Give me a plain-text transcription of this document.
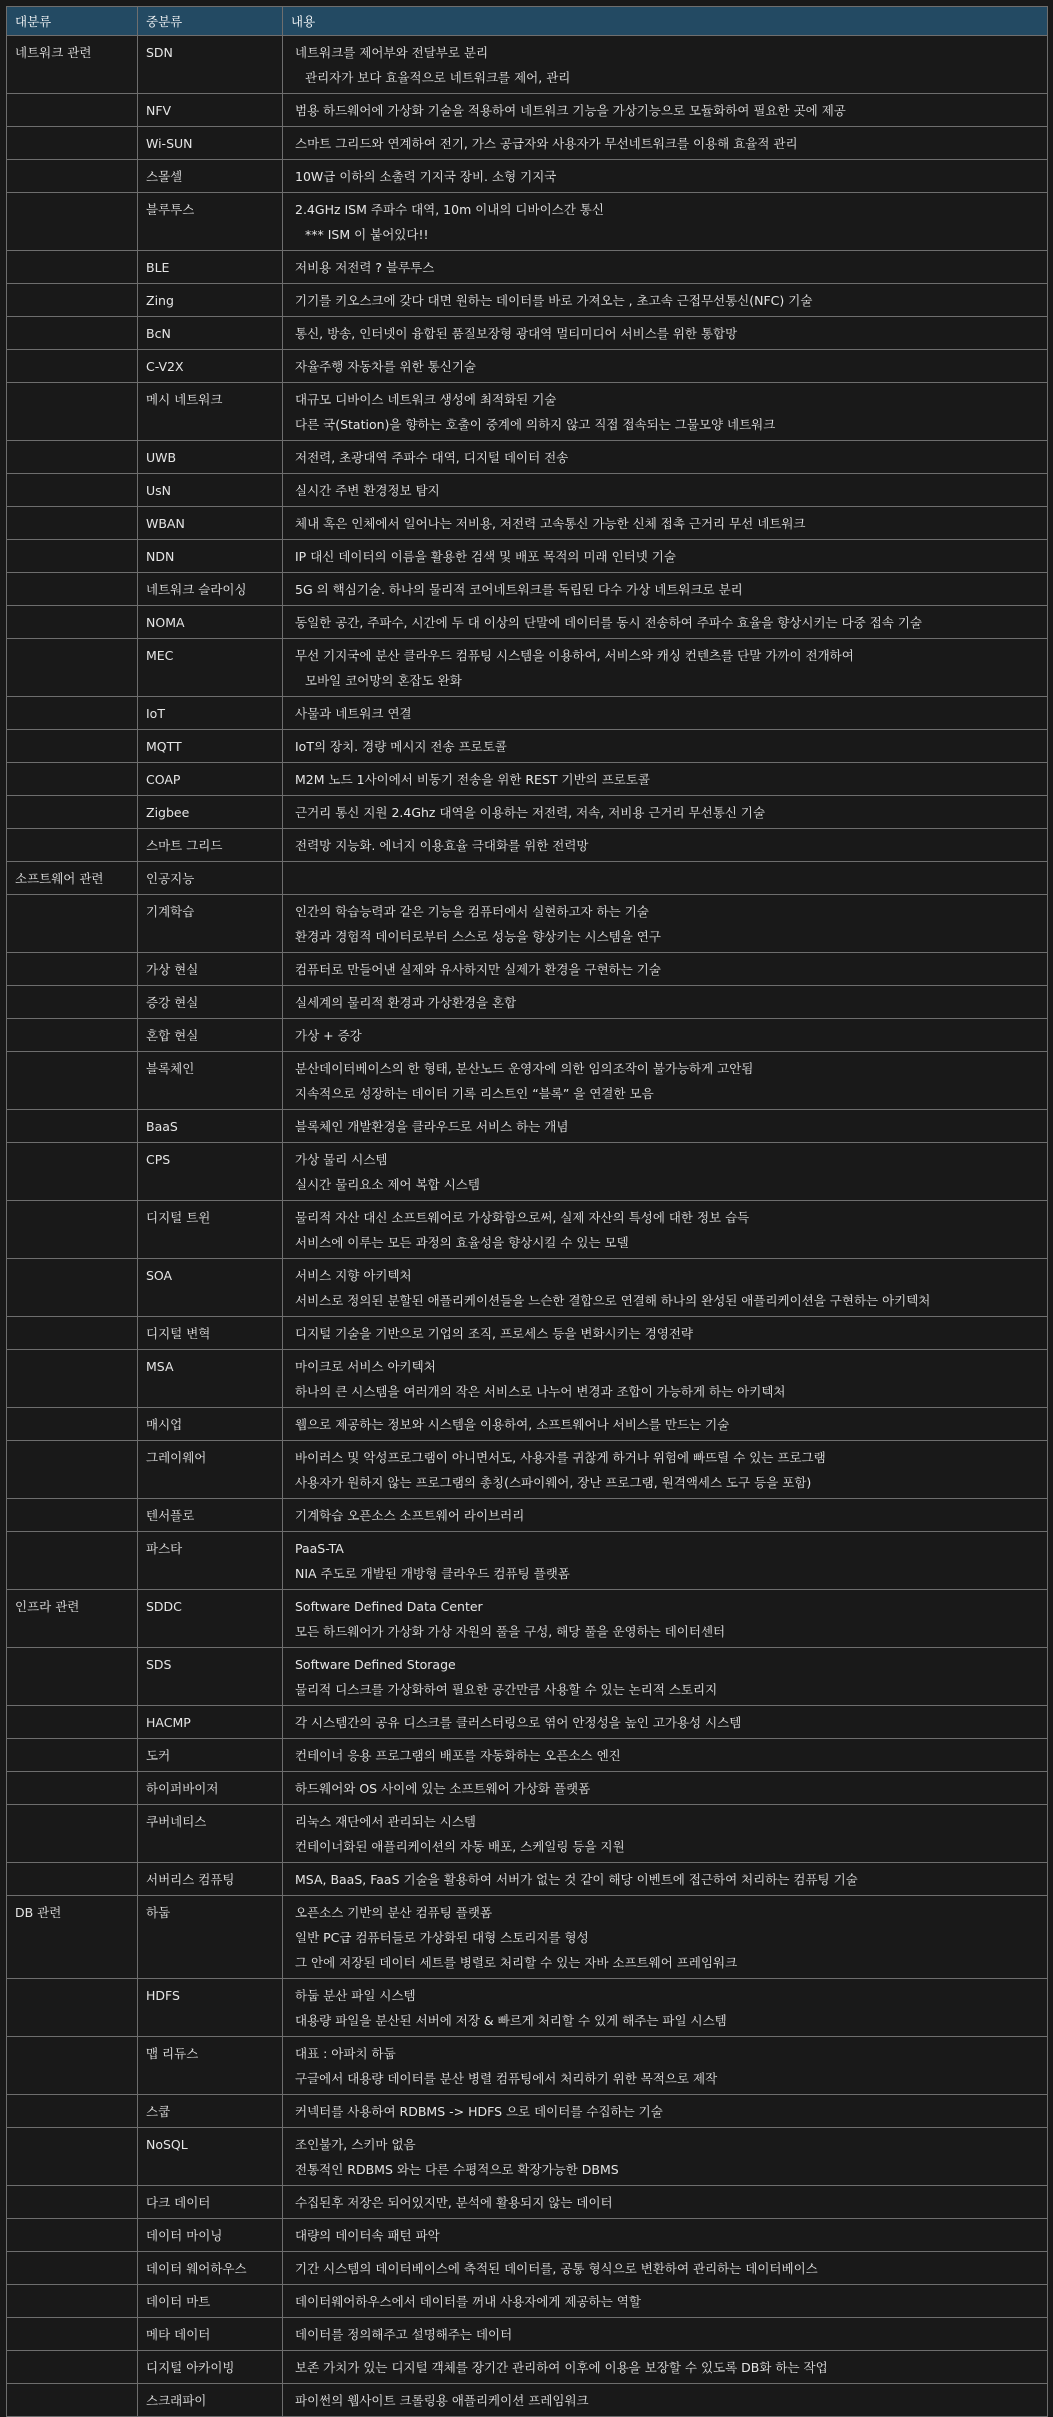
대분류	중분류	내용
네트워크 관련	SDN	네트워크를 제어부와 전달부로 분리
관리자가 보다 효율적으로 네트워크를 제어, 관리

	NFV	범용 하드웨어에 가상화 기술을 적용하여 네트워크 기능을 가상기능으로 모듈화하여 필요한 곳에 제공

	Wi-SUN	스마트 그리드와 연계하여 전기, 가스 공급자와 사용자가 무선네트워크를 이용해 효율적 관리

	스몰셀	10W급 이하의 소출력 기지국 장비. 소형 기지국

	블루투스	2.4GHz ISM 주파수 대역, 10m 이내의 디바이스간 통신
*** ISM 이 붙어있다!!

	BLE	저비용 저전력 ? 블루투스

	Zing	기기를 키오스크에 갖다 대면 원하는 데이터를 바로 가져오는 , 초고속 근접무선통신(NFC) 기술

	BcN	통신, 방송, 인터넷이 융합된 품질보장형 광대역 멀티미디어 서비스를 위한 통합망

	C-V2X	자율주행 자동차를 위한 통신기술

	메시 네트워크	대규모 디바이스 네트워크 생성에 최적화된 기술
다른 국(Station)을 향하는 호출이 중계에 의하지 않고 직접 접속되는 그물모양 네트워크

	UWB	저전력, 초광대역 주파수 대역, 디지털 데이터 전송

	UsN	실시간 주변 환경정보 탐지

	WBAN	체내 혹은 인체에서 일어나는 저비용, 저전력 고속통신 가능한 신체 접촉 근거리 무선 네트워크

	NDN	IP 대신 데이터의 이름을 활용한 검색 및 배포 목적의 미래 인터넷 기술

	네트워크 슬라이싱	5G 의 핵심기술. 하나의 물리적 코어네트워크를 독립된 다수 가상 네트워크로 분리

	NOMA	동일한 공간, 주파수, 시간에 두 대 이상의 단말에 데이터를 동시 전송하여 주파수 효율을 향상시키는 다중 접속 기술

	MEC	무선 기지국에 분산 클라우드 컴퓨팅 시스템을 이용하여, 서비스와 캐싱 컨텐츠를 단말 가까이 전개하여
모바일 코어망의 혼잡도 완화

	IoT	사물과 네트워크 연결

	MQTT	IoT의 장치. 경량 메시지 전송 프로토콜

	COAP	M2M 노드 1사이에서 비동기 전송을 위한 REST 기반의 프로토콜

	Zigbee	근거리 통신 지원 2.4Ghz 대역을 이용하는 저전력, 저속, 저비용 근거리 무선통신 기술

	스마트 그리드	전력망 지능화. 에너지 이용효율 극대화를 위한 전력망

소프트웨어 관련	인공지능	

	기계학습	인간의 학습능력과 같은 기능을 컴퓨터에서 실현하고자 하는 기술
환경과 경험적 데이터로부터 스스로 성능을 향상키는 시스템을 연구

	가상 현실	컴퓨터로 만들어낸 실제와 유사하지만 실제가 환경을 구현하는 기술

	증강 현실	실세계의 물리적 환경과 가상환경을 혼합

	혼합 현실	가상 + 증강

	블록체인	분산데이터베이스의 한 형태, 분산노드 운영자에 의한 임의조작이 불가능하게 고안됨
지속적으로 성장하는 데이터 기록 리스트인 “블록” 을 연결한 모음

	BaaS	블록체인 개발환경을 클라우드로 서비스 하는 개념

	CPS	가상 물리 시스템
실시간 물리요소 제어 복합 시스템

	디지털 트윈	물리적 자산 대신 소프트웨어로 가상화함으로써, 실제 자산의 특성에 대한 정보 습득
서비스에 이루는 모든 과정의 효율성을 향상시킬 수 있는 모델

	SOA	서비스 지향 아키텍처
서비스로 정의된 분할된 애플리케이션들을 느슨한 결합으로 연결해 하나의 완성된 애플리케이션을 구현하는 아키텍처

	디지털 변혁	디지털 기술을 기반으로 기업의 조직, 프로세스 등을 변화시키는 경영전략

	MSA	마이크로 서비스 아키텍처
하나의 큰 시스템을 여러개의 작은 서비스로 나누어 변경과 조합이 가능하게 하는 아키텍처

	매시업	웹으로 제공하는 정보와 시스템을 이용하여, 소프트웨어나 서비스를 만드는 기술

	그레이웨어	바이러스 및 악성프로그램이 아니면서도, 사용자를 귀찮게 하거나 위험에 빠뜨릴 수 있는 프로그램
사용자가 원하지 않는 프로그램의 총칭(스파이웨어, 장난 프로그램, 원격액세스 도구 등을 포함)

	텐서플로	기계학습 오픈소스 소프트웨어 라이브러리

	파스타	PaaS-TA
NIA 주도로 개발된 개방형 클라우드 컴퓨팅 플랫폼

인프라 관련	SDDC	Software Defined Data Center
모든 하드웨어가 가상화 가상 자원의 풀을 구성, 해당 풀을 운영하는 데이터센터

	SDS	Software Defined Storage
물리적 디스크를 가상화하여 필요한 공간만큼 사용할 수 있는 논리적 스토리지

	HACMP	각 시스템간의 공유 디스크를 클러스터링으로 엮어 안정성을 높인 고가용성 시스템

	도커	컨테이너 응용 프로그램의 배포를 자동화하는 오픈소스 엔진

	하이퍼바이저	하드웨어와 OS 사이에 있는 소프트웨어 가상화 플랫폼

	쿠버네티스	리눅스 재단에서 관리되는 시스템
컨테이너화된 애플리케이션의 자동 배포, 스케일링 등을 지원

	서버리스 컴퓨팅	MSA, BaaS, FaaS 기술을 활용하여 서버가 없는 것 같이 해당 이벤트에 접근하여 처리하는 컴퓨팅 기술

DB 관련	하둡	오픈소스 기반의 분산 컴퓨팅 플랫폼
일반 PC급 컴퓨터들로 가상화된 대형 스토리지를 형성
그 안에 저장된 데이터 세트를 병렬로 처리할 수 있는 자바 소프트웨어 프레임워크

	HDFS	하둡 분산 파일 시스템
대용량 파일을 분산된 서버에 저장 & 빠르게 처리할 수 있게 해주는 파일 시스템

	맵 리듀스	대표 : 아파치 하둡
구글에서 대용량 데이터를 분산 병렬 컴퓨팅에서 처리하기 위한 목적으로 제작

	스쿱	커넥터를 사용하여 RDBMS -> HDFS 으로 데이터를 수집하는 기술

	NoSQL	조인불가, 스키마 없음
전통적인 RDBMS 와는 다른 수평적으로 확장가능한 DBMS

	다크 데이터	수집된후 저장은 되어있지만, 분석에 활용되지 않는 데이터

	데이터 마이닝	대량의 데이터속 패턴 파악

	데이터 웨어하우스	기간 시스템의 데이터베이스에 축적된 데이터를, 공통 형식으로 변환하여 관리하는 데이터베이스

	데이터 마트	데이터웨어하우스에서 데이터를 꺼내 사용자에게 제공하는 역할

	메타 데이터	데이터를 정의해주고 설명해주는 데이터

	디지털 아카이빙	보존 가치가 있는 디지털 객체를 장기간 관리하여 이후에 이용을 보장할 수 있도록 DB화 하는 작업

	스크래파이	파이썬의 웹사이트 크롤링용 애플리케이션 프레임워크
